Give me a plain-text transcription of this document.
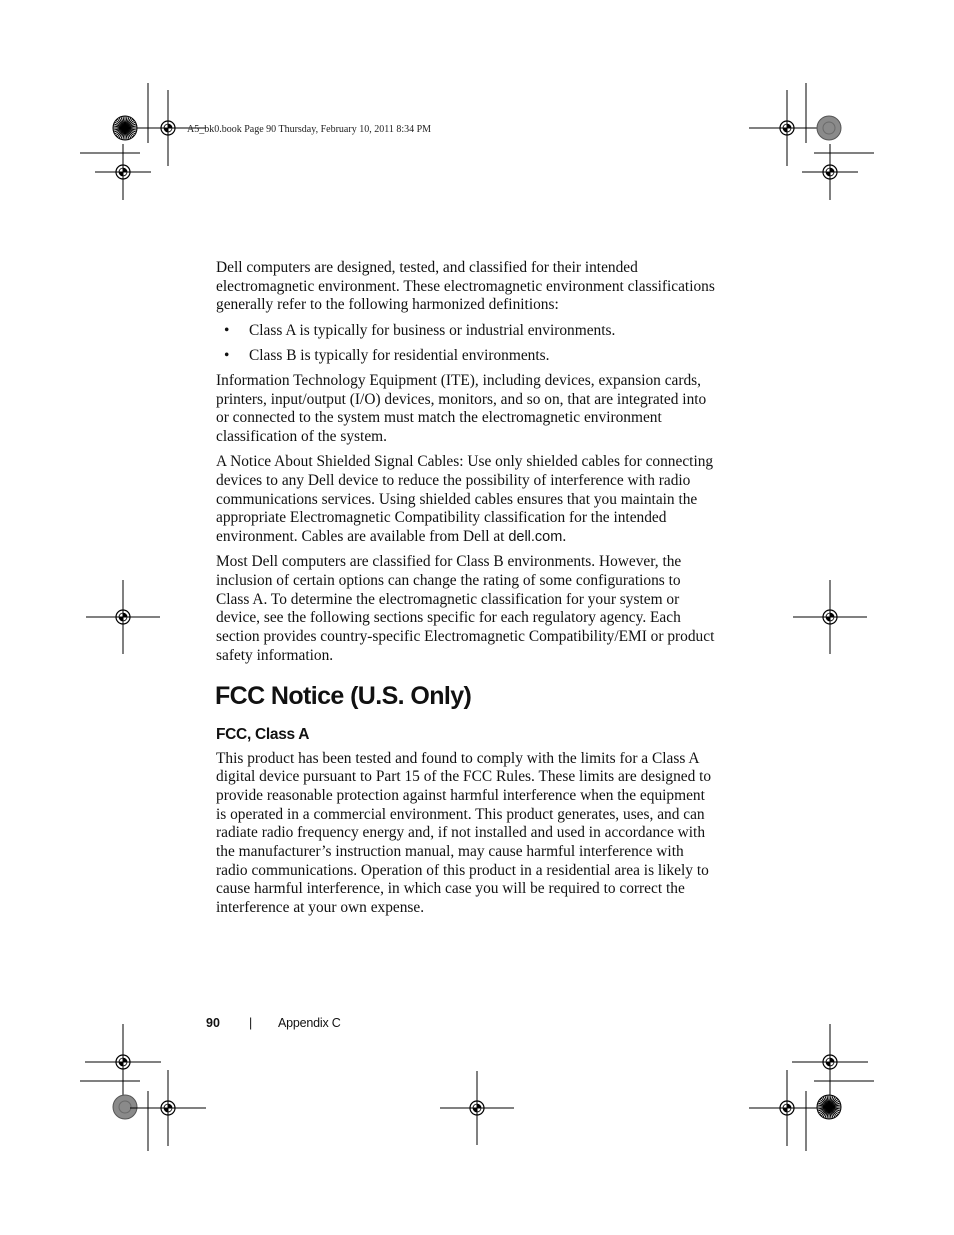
A5_bk0.book Page 90 Thursday, February 10, 2011 8:34 PM

Dell computers are designed, tested, and classified for their intended electromagnetic environment. These electromagnetic environment classifications generally refer to the following harmonized definitions:

• Class A is typically for business or industrial environments.
• Class B is typically for residential environments.

Information Technology Equipment (ITE), including devices, expansion cards, printers, input/output (I/O) devices, monitors, and so on, that are integrated into or connected to the system must match the electromagnetic environment classification of the system.

A Notice About Shielded Signal Cables: Use only shielded cables for connecting devices to any Dell device to reduce the possibility of interference with radio communications services. Using shielded cables ensures that you maintain the appropriate Electromagnetic Compatibility classification for the intended environment. Cables are available from Dell at dell.com.

Most Dell computers are classified for Class B environments. However, the inclusion of certain options can change the rating of some configurations to Class A. To determine the electromagnetic classification for your system or device, see the following sections specific for each regulatory agency. Each section provides country-specific Electromagnetic Compatibility/EMI or product safety information.

FCC Notice (U.S. Only)
FCC, Class A

This product has been tested and found to comply with the limits for a Class A digital device pursuant to Part 15 of the FCC Rules. These limits are designed to provide reasonable protection against harmful interference when the equipment is operated in a commercial environment. This product generates, uses, and can radiate radio frequency energy and, if not installed and used in accordance with the manufacturer’s instruction manual, may cause harmful interference with radio communications. Operation of this product in a residential area is likely to cause harmful interference, in which case you will be required to correct the interference at your own expense.

90 | Appendix C
